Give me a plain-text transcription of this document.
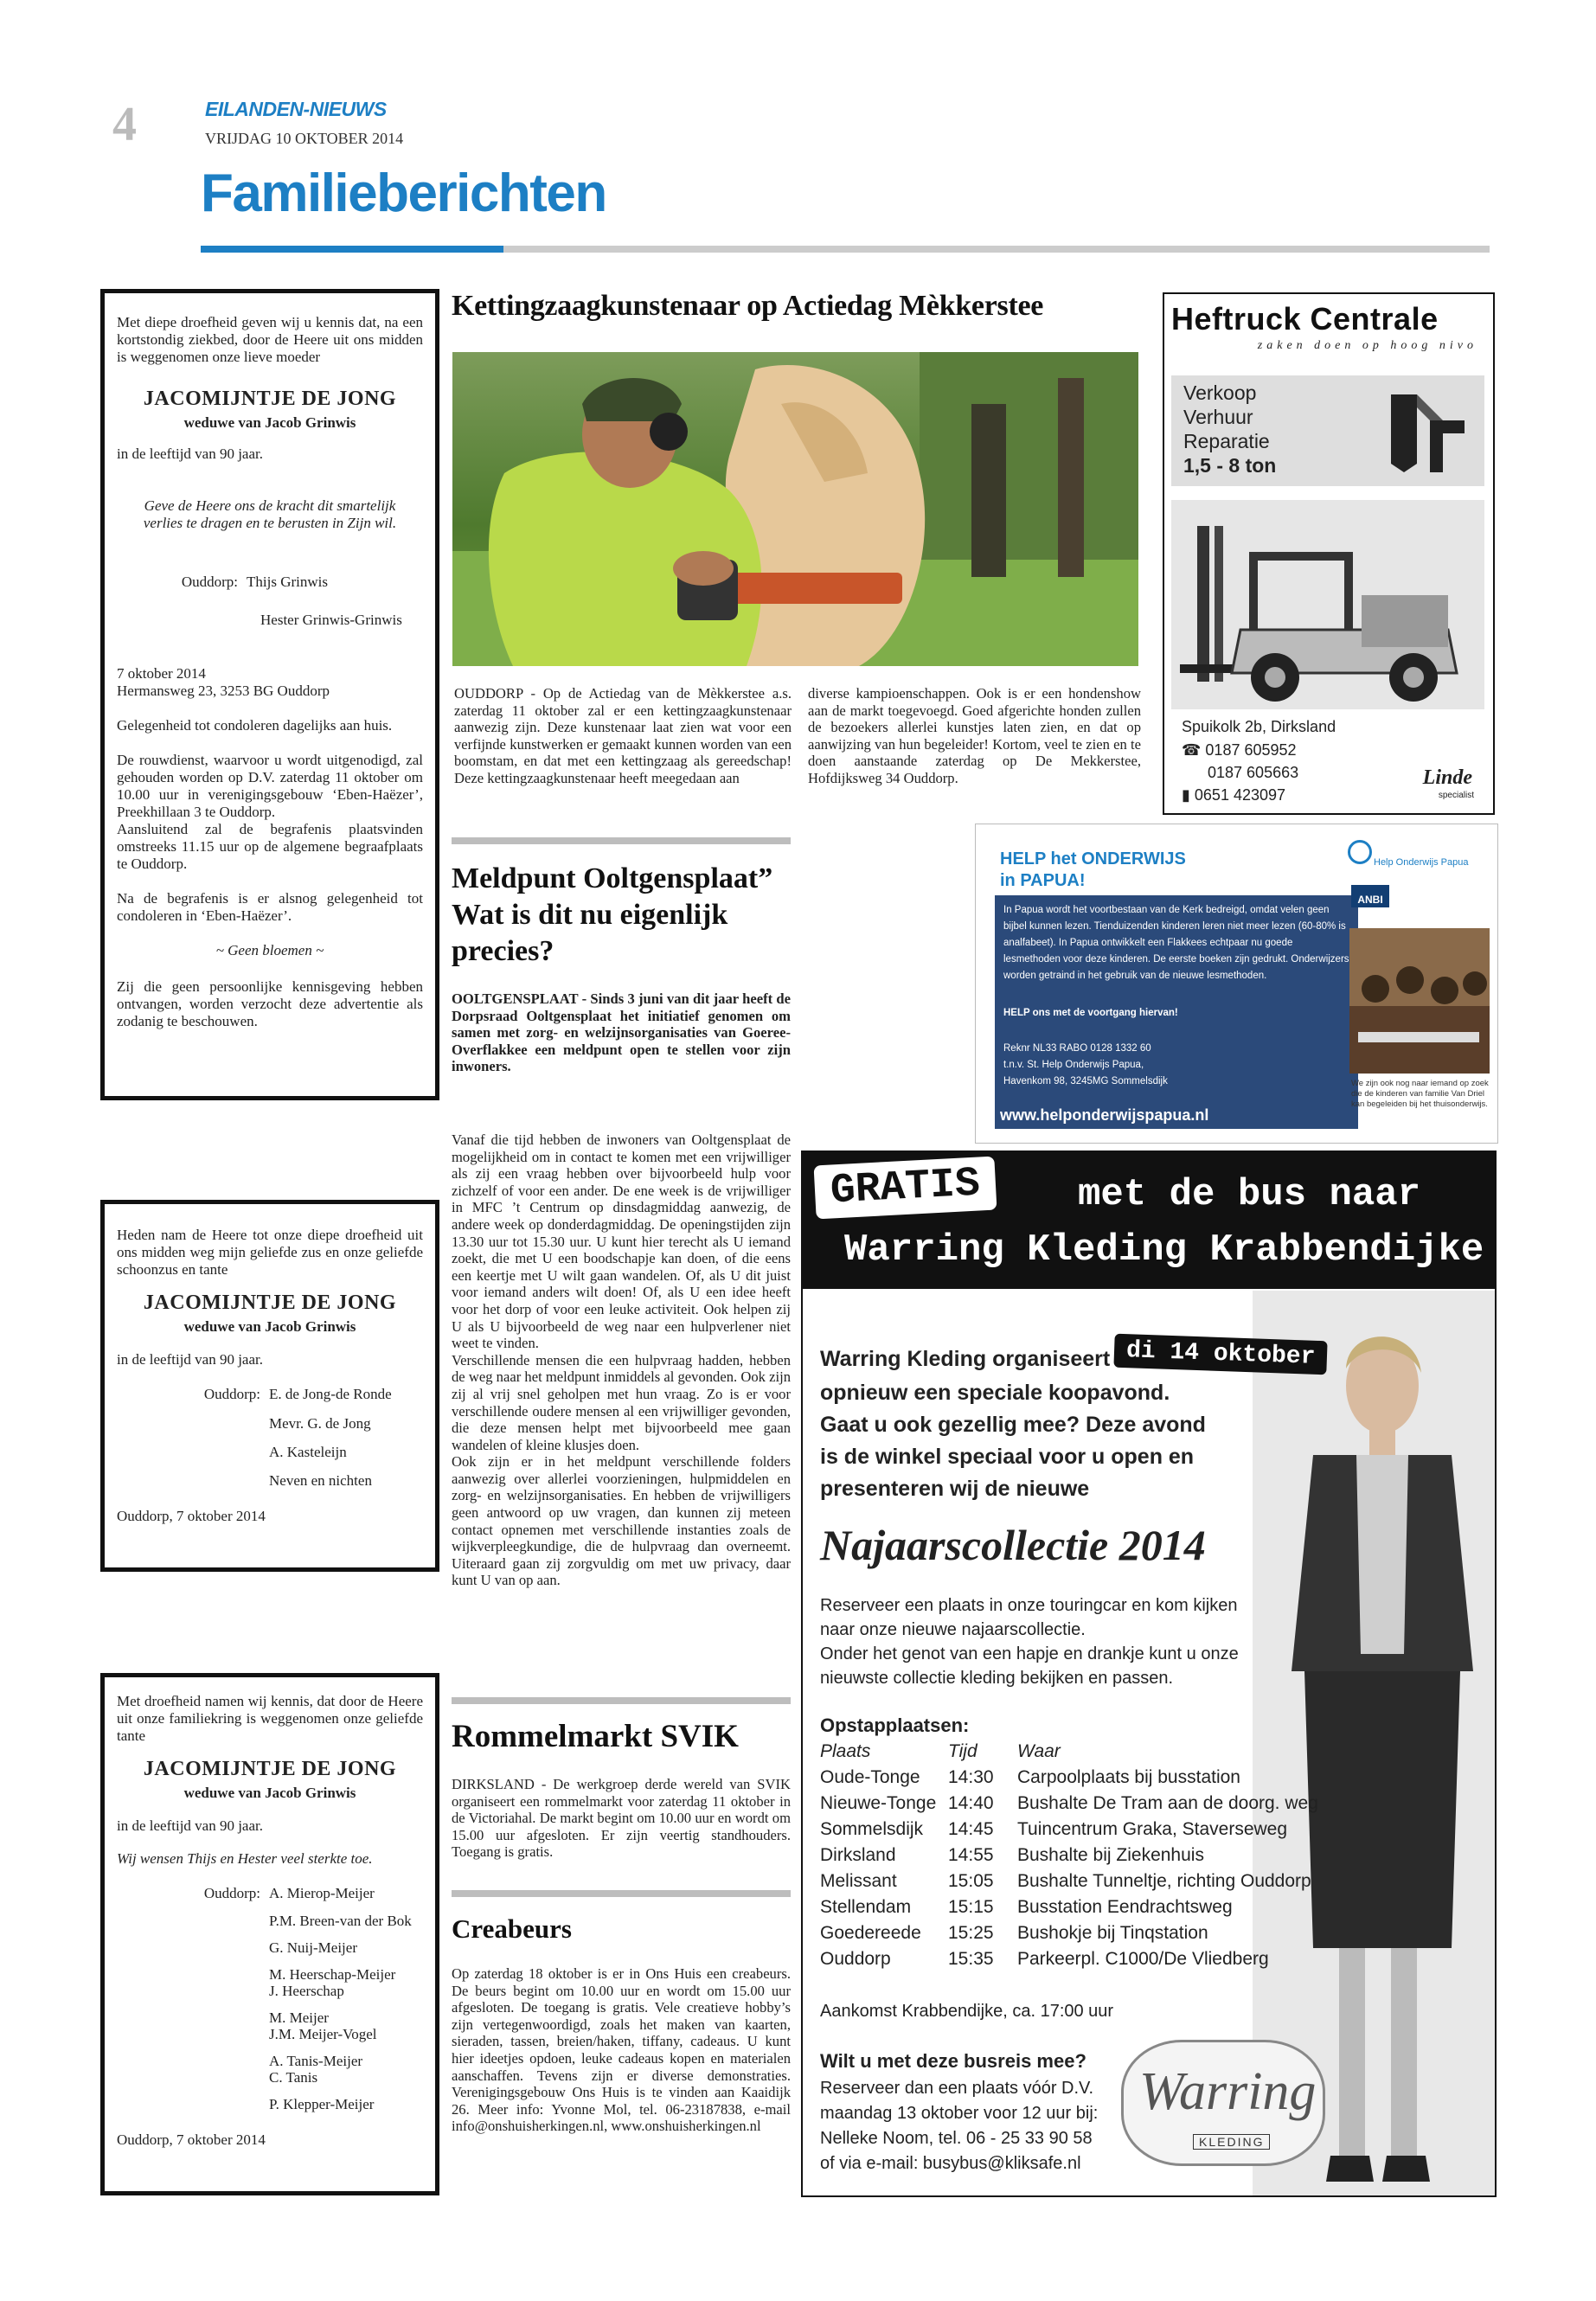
4	EILANDEN-NIEUWS
VRIJDAG 10 OKTOBER 2014
Familieberichten

Met diepe droefheid geven wij u kennis dat, na een kortstondig ziekbed, door de Heere uit ons midden is weggenomen onze lieve moeder

JACOMIJNTJE DE JONG
weduwe van Jacob Grinwis

in de leeftijd van 90 jaar.

Geve de Heere ons de kracht dit smartelijk verlies te dragen en te berusten in Zijn wil.

Ouddorp: Thijs Grinwis

Hester Grinwis-Grinwis

7 oktober 2014

Hermansweg 23, 3253 BG Ouddorp

Gelegenheid tot condoleren dagelijks aan huis.

De rouwdienst, waarvoor u wordt uitgenodigd, zal gehouden worden op D.V. zaterdag 11 oktober om 10.00 uur in verenigingsgebouw ‘Eben-Haëzer’, Preekhillaan 3 te Ouddorp.

Aansluitend zal de begrafenis plaatsvinden omstreeks 11.15 uur op de algemene begraafplaats te Ouddorp.

Na de begrafenis is er alsnog gelegenheid tot condoleren in ‘Eben-Haëzer’.

~ Geen bloemen ~

Zij die geen persoonlijke kennisgeving hebben ontvangen, worden verzocht deze advertentie als zodanig te beschouwen.

Heden nam de Heere tot onze diepe droefheid uit ons midden weg mijn geliefde zus en onze geliefde schoonzus en tante

JACOMIJNTJE DE JONG
weduwe van Jacob Grinwis

in de leeftijd van 90 jaar.

Ouddorp: E. de Jong-de Ronde

Mevr. G. de Jong

A. Kasteleijn

Neven en nichten

Ouddorp, 7 oktober 2014

Met droefheid namen wij kennis, dat door de Heere uit onze familiekring is weggenomen onze geliefde tante

JACOMIJNTJE DE JONG
weduwe van Jacob Grinwis

in de leeftijd van 90 jaar.

Wij wensen Thijs en Hester veel sterkte toe.

Ouddorp: A. Mierop-Meijer

P.M. Breen-van der Bok

G. Nuij-Meijer

M. Heerschap-Meijer

J. Heerschap

M. Meijer

J.M. Meijer-Vogel

A. Tanis-Meijer

C. Tanis

P. Klepper-Meijer

Ouddorp, 7 oktober 2014

Kettingzaagkunstenaar op Actiedag Mèkkerstee
OUDDORP - Op de Actiedag van de Mèkkerstee a.s. zaterdag 11 oktober zal er een kettingzaagkunstenaar aanwezig zijn. Deze kunstenaar laat zien wat voor een verfijnde kunstwerken er gemaakt kunnen worden van een boomstam, en dat met een kettingzaag als gereedschap! Deze kettingzaagkunstenaar heeft meegedaan aan
diverse kampioenschappen. Ook is er een hondenshow aan de markt toegevoegd. Goed afgerichte honden zullen de bezoekers allerlei kunstjes laten zien, en dat op aanwijzing van hun begeleider! Kortom, veel te zien en te doen aanstaande zaterdag op De Mekkerstee, Hofdijksweg 34 Ouddorp.
Meldpunt Ooltgensplaat”
Wat is dit nu eigenlijk
precies?
OOLTGENSPLAAT - Sinds 3 juni van dit jaar heeft de Dorpsraad Ooltgensplaat het initiatief genomen om samen met zorg- en welzijnsorganisaties van Goeree- Overflakkee een meldpunt open te stellen voor zijn inwoners.

Vanaf die tijd hebben de inwoners van Ooltgensplaat de mogelijkheid om in contact te komen met een vrijwilliger als zij een vraag hebben over bijvoorbeeld hulp voor zichzelf of voor een ander. De ene week is de vrijwilliger in MFC ’t Centrum op dinsdagmiddag aanwezig, de andere week op donderdagmiddag. De openingstijden zijn 13.30 uur tot 15.30 uur. U kunt hier terecht als U iemand zoekt, die met U een boodschapje kan doen, of die eens een keertje met U wilt gaan wandelen. Of, als U dit juist voor iemand anders wilt doen! Of, als U een idee heeft voor het dorp of voor een leuke activiteit. Ook helpen zij U als U bijvoorbeeld de weg naar een hulpverlener niet weet te vinden.

Verschillende mensen die een hulpvraag hadden, hebben de weg naar het meldpunt inmiddels al gevonden. Ook zijn zij al vrij snel geholpen met hun vraag. Zo is er voor verschillende oudere mensen al een vrijwilliger gevonden, die deze mensen helpt met bijvoorbeeld mee gaan wandelen of kleine klusjes doen.

Ook zijn er in het meldpunt verschillende folders aanwezig over allerlei voorzieningen, hulpmiddelen en zorg- en welzijnsorganisaties. En hebben de vrijwilligers geen antwoord op uw vragen, dan kunnen zij meteen contact opnemen met verschillende instanties zoals de wijkverpleegkundige, die de hulpvraag dan overneemt. Uiteraard gaan zij zorgvuldig om met uw privacy, daar kunt U van op aan.

Rommelmarkt SVIK
DIRKSLAND - De werkgroep derde wereld van SVIK organiseert een rommelmarkt voor zaterdag 11 oktober in de Victoriahal. De markt begint om 10.00 uur en wordt om 15.00 uur afgesloten. Er zijn veertig standhouders. Toegang is gratis.
Creabeurs
Op zaterdag 18 oktober is er in Ons Huis een creabeurs. De beurs begint om 10.00 uur en wordt om 15.00 uur afgesloten. De toegang is gratis. Vele creatieve hobby’s zijn vertegenwoordigd, zoals het maken van kaarten, sieraden, tassen, breien/haken, tiffany, cadeaus. U kunt hier ideetjes opdoen, leuke cadeaus kopen en materialen aanschaffen. Tevens zijn er diverse demonstraties. Verenigingsgebouw Ons Huis is te vinden aan Kaaidijk 26. Meer info: Yvonne Mol, tel. 06-23187838, e-mail info@onshuisherkingen.nl, www.onshuisherkingen.nl
Heftruck Centrale
zaken doen op hoog nivo
Verkoop
Verhuur
Reparatie
1,5 - 8 ton
Spuikolk 2b, Dirksland
☎ 0187 605952
0187 605663
▮ 0651 423097
Linde
specialist
HELP het ONDERWIJS
in PAPUA!
In Papua wordt het voortbestaan van de Kerk bedreigd, omdat velen geen bijbel kunnen lezen. Tienduizenden kinderen leren niet meer lezen (60-80% is analfabeet). In Papua ontwikkelt een Flakkees echtpaar nu goede lesmethoden voor deze kinderen. De eerste boeken zijn gedrukt. Onderwijzers worden getraind in het gebruik van de nieuwe lesmethoden.
HELP ons met de voortgang hiervan!
Reknr NL33 RABO 0128 1332 60
t.n.v. St. Help Onderwijs Papua,
Havenkom 98, 3245MG Sommelsdijk
www.helponderwijspapua.nl
Help Onderwijs Papua
ANBI
We zijn ook nog naar iemand op zoek die de kinderen van familie Van Driel kan begeleiden bij het thuisonderwijs.
GRATIS	met de bus naar
Warring Kleding Krabbendijke
Warring Kleding organiseert di 14 oktober
opnieuw een speciale koopavond.
Gaat u ook gezellig mee? Deze avond
is de winkel speciaal voor u open en
presenteren wij de nieuwe
Najaarscollectie 2014
Reserveer een plaats in onze touringcar en kom kijken naar onze nieuwe najaarscollectie.
Onder het genot van een hapje en drankje kunt u onze nieuwste collectie kleding bekijken en passen.
Opstapplaatsen:
Plaats	Tijd	Waar
Oude-Tonge	14:30	Carpoolplaats bij busstation
Nieuwe-Tonge 14:40	Bushalte De Tram aan de doorg. weg
Sommelsdijk	14:45	Tuincentrum Graka, Staverseweg
Dirksland	14:55	Bushalte bij Ziekenhuis
Melissant	15:05	Bushalte Tunneltje, richting Ouddorp
Stellendam	15:15	Busstation Eendrachtsweg
Goedereede	15:25	Bushokje bij Tinqstation
Ouddorp	15:35	Parkeerpl. C1000/De Vliedberg
Aankomst Krabbendijke, ca. 17:00 uur
Wilt u met deze busreis mee?
Reserveer dan een plaats vóór D.V.
maandag 13 oktober voor 12 uur bij:
Nelleke Noom, tel. 06 - 25 33 90 58
of via e-mail: busybus@kliksafe.nl
Warring
KLEDING
